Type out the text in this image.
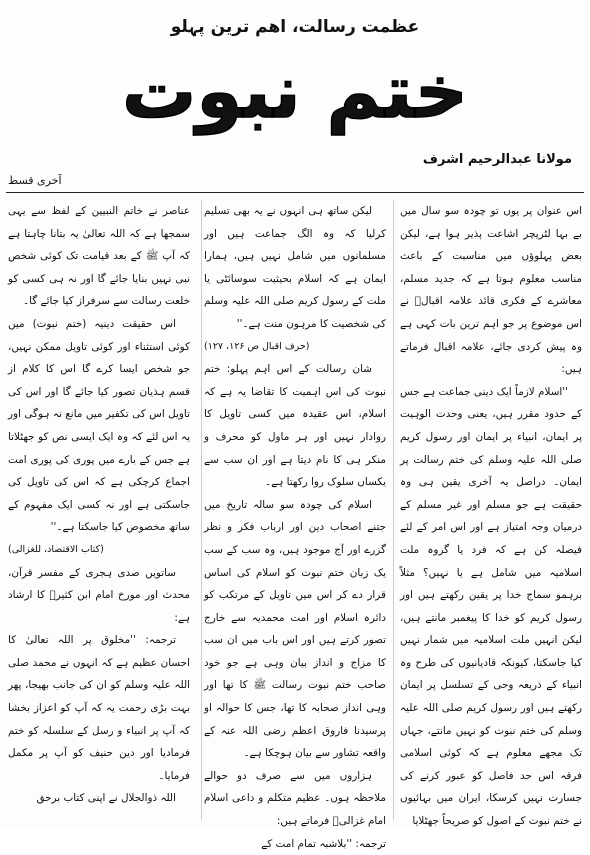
عظمت رسالت، اھم ترین پہلو
ختم نبوت
مولانا عبدالرحیم اشرف
آخری قسط

اس عنوان پر یوں تو چودہ سو سال میں بے بہا لٹریچر اشاعت پذیر ہوا ہے، لیکن بعض پہلوؤں میں مناسبت کے باعث مناسب معلوم ہوتا ہے کہ جدید مسلم، معاشرے کے فکری قائد علامہ اقبالؒ نے اس موضوع پر جو اہم ترین بات کہی ہے وہ پیش کردی جائے، علامہ اقبال فرماتے ہیں:

''اسلام لازماً ایک دینی جماعت ہے جس کے حدود مقرر ہیں، یعنی وحدت الوہیت پر ایمان، انبیاء پر ایمان اور رسول کریم صلی اللہ علیہ وسلم کی ختم رسالت پر ایمان۔ دراصل یہ آخری یقین ہی وہ حقیقت ہے جو مسلم اور غیر مسلم کے درمیان وجہ امتیاز ہے اور اس امر کے لئے فیصلہ کن ہے کہ فرد یا گروہ ملت اسلامیہ میں شامل ہے یا نہیں؟ مثلاً برہمو سماج خدا پر یقین رکھتے ہیں اور رسول کریم کو خدا کا پیغمبر مانتے ہیں، لیکن انہیں ملت اسلامیہ میں شمار نہیں کیا جاسکتا، کیونکہ قادیانیوں کی طرح وہ انبیاء کے ذریعہ وحی کے تسلسل پر ایمان رکھتے ہیں اور رسول کریم صلی اللہ علیہ وسلم کی ختم نبوت کو نہیں مانتے، جہاں تک مجھے معلوم ہے کہ کوئی اسلامی فرقہ اس حد فاصل کو عبور کرنے کی جسارت نہیں کرسکا، ایران میں بہائیوں نے ختم نبوت کے اصول کو صریحاً جھٹلایا

لیکن ساتھ ہی انہوں نے یہ بھی تسلیم کرلیا کہ وہ الگ جماعت ہیں اور مسلمانوں میں شامل نہیں ہیں، ہمارا ایمان ہے کہ اسلام بحیثیت سوسائٹی یا ملت کے رسول کریم صلی اللہ علیہ وسلم کی شخصیت کا مرہون منت ہے۔''

(حرف اقبال ص ۱۲۶، ۱۲۷)

شان رسالت کے اس اہم پہلو: ختم نبوت کی اس اہمیت کا تقاضا یہ ہے کہ اسلام، اس عقیدہ میں کسی تاویل کا روادار نہیں اور ہر ماول کو محرف و منکر ہی کا نام دیتا ہے اور ان سب سے یکساں سلوک روا رکھتا ہے۔

اسلام کی چودہ سو سالہ تاریخ میں جتنے اصحاب دین اور ارباب فکر و نظر گزرے اور آج موجود ہیں، وہ سب کے سب یک زبان ختم نبوت کو اسلام کی اساس قرار دے کر اس میں تاویل کے مرتکب کو دائرہ اسلام اور امت محمدیہ سے خارج تصور کرتے ہیں اور اس باب میں ان سب کا مزاج و انداز بیان وہی ہے جو خود صاحب ختم نبوت رسالت ﷺ کا تھا اور وہی انداز صحابہ کا تھا، جس کا حوالہ او پرسیدنا فاروق اعظم رضی اللہ عنہ کے واقعہ تشاور سے بیان ہوچکا ہے۔

ہزاروں میں سے صرف دو حوالے ملاحظہ ہوں۔ عظیم متکلم و داعی اسلام امام غزالیؒ فرماتے ہیں:

ترجمہ: ''بلاشبہ تمام امت کے

عناصر نے خاتم النبیین کے لفظ سے یہی سمجھا ہے کہ اللہ تعالیٰ یہ بتانا چاہتا ہے کہ آپ ﷺ کے بعد قیامت تک کوئی شخص نبی نہیں بنایا جائے گا اور نہ ہی کسی کو خلعت رسالت سے سرفراز کیا جائے گا۔

اس حقیقت دینیہ (ختم نبوت) میں کوئی استثناء اور کوئی تاویل ممکن نہیں، جو شخص ایسا کرے گا اس کا کلام از قسم ہذیان تصور کیا جائے گا اور اس کی تاویل اس کی تکفیر میں مانع نہ ہوگی اور یہ اس لئے کہ وہ ایک ایسی نص کو جھٹلاتا ہے جس کے بارے میں پوری کی پوری امت اجماع کرچکی ہے کہ اس کی تاویل کی جاسکتی ہے اور نہ کسی ایک مفہوم کے ساتھ مخصوص کیا جاسکتا ہے۔''

(کتاب الاقتصاد، للغزالی)

ساتویں صدی ہجری کے مفسر قرآن، محدث اور مورخ امام ابن کثیرؒ کا ارشاد ہے:

ترجمہ: ''مخلوق پر اللہ تعالیٰ کا احسان عظیم ہے کہ انہوں نے محمد صلی اللہ علیہ وسلم کو ان کی جانب بھیجا، پھر بہت بڑی رحمت یہ کہ آپ کو اعزاز بخشا کہ آپ پر انبیاء و رسل کے سلسلہ کو ختم فرمادیا اور دین حنیف کو آپ پر مکمل فرمایا۔

اللہ ذوالجلال نے اپنی کتاب برحق
